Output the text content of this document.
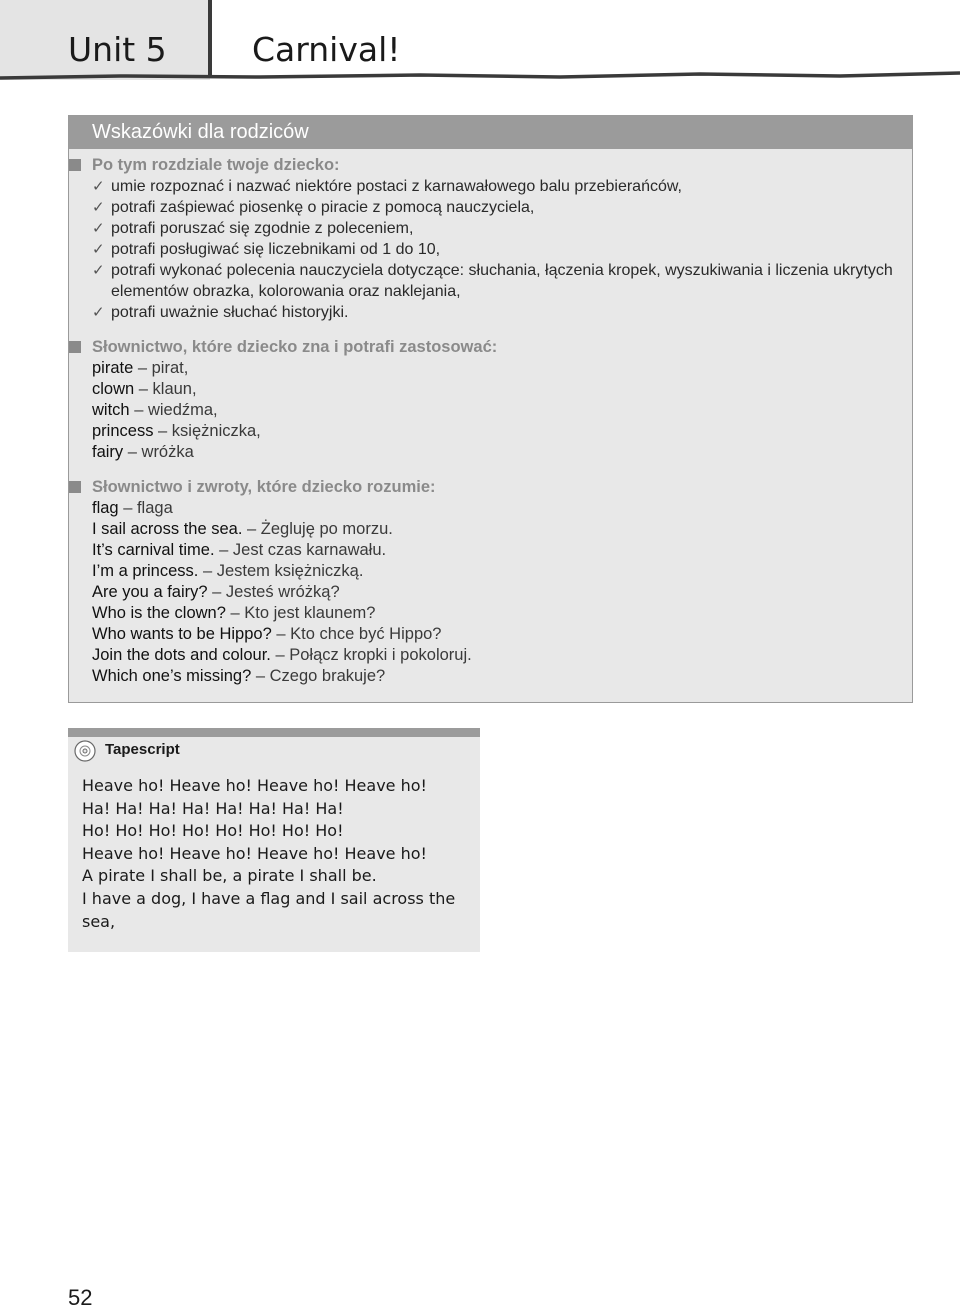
Unit 5	Carnival!
Wskazówki dla rodziców
Po tym rozdziale twoje dziecko:
✓ umie rozpoznać i nazwać niektóre postaci z karnawałowego balu przebierańców,
✓ potrafi zaśpiewać piosenkę o piracie z pomocą nauczyciela,
✓ potrafi poruszać się zgodnie z poleceniem,
✓ potrafi posługiwać się liczebnikami od 1 do 10,
✓ potrafi wykonać polecenia nauczyciela dotyczące: słuchania, łączenia kropek, wyszukiwania i liczenia ukrytych elementów obrazka, kolorowania oraz naklejania,
✓ potrafi uważnie słuchać historyjki.
Słownictwo, które dziecko zna i potrafi zastosować:
pirate – pirat,
clown – klaun,
witch – wiedźma,
princess – księżniczka,
fairy – wróżka
Słownictwo i zwroty, które dziecko rozumie:
flag – flaga
I sail across the sea. – Żegluję po morzu.
It’s carnival time. – Jest czas karnawału.
I’m a princess. – Jestem księżniczką.
Are you a fairy? – Jesteś wróżką?
Who is the clown? – Kto jest klaunem?
Who wants to be Hippo? – Kto chce być Hippo?
Join the dots and colour. – Połącz kropki i pokoloruj.
Which one’s missing? – Czego brakuje?
Tapescript
Heave ho! Heave ho! Heave ho! Heave ho!
Ha! Ha! Ha! Ha! Ha! Ha! Ha! Ha!
Ho! Ho! Ho! Ho! Ho! Ho! Ho! Ho!
Heave ho! Heave ho! Heave ho! Heave ho!
A pirate I shall be, a pirate I shall be.
I have a dog, I have a flag and I sail across the sea,
52
